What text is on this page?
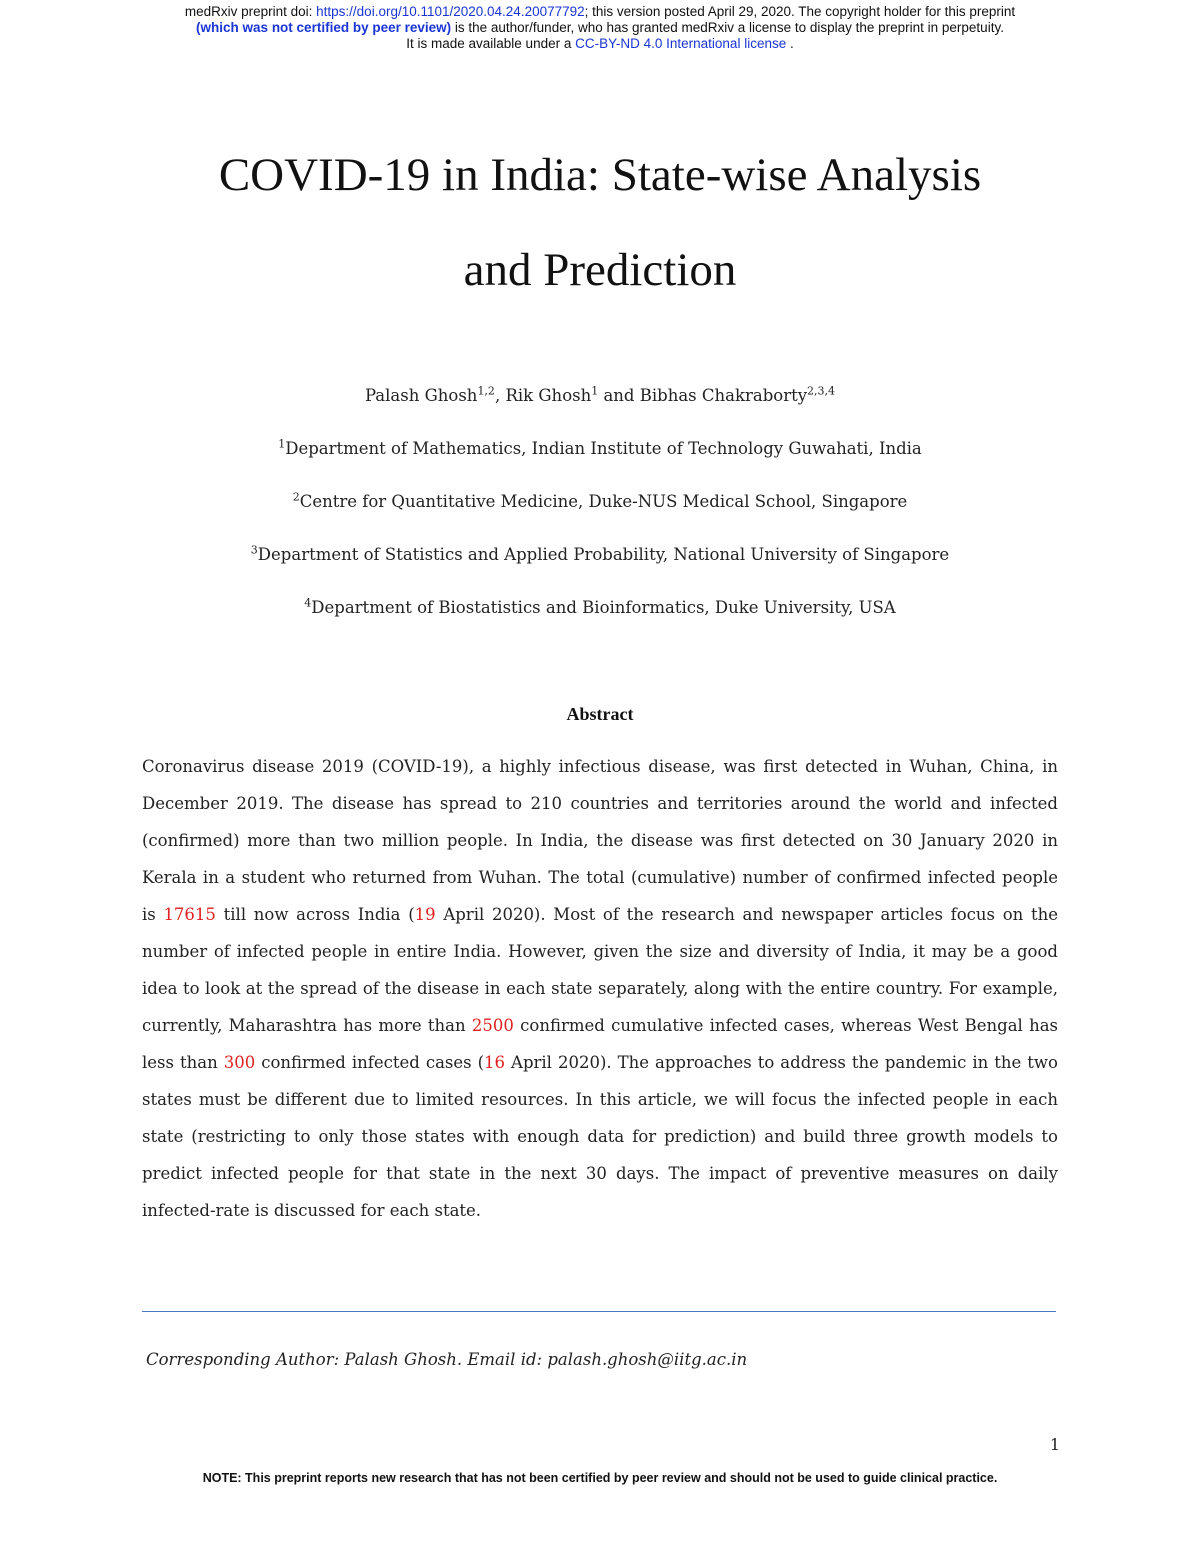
medRxiv preprint doi: https://doi.org/10.1101/2020.04.24.20077792; this version posted April 29, 2020. The copyright holder for this preprint
(which was not certified by peer review) is the author/funder, who has granted medRxiv a license to display the preprint in perpetuity.
It is made available under a CC-BY-ND 4.0 International license .
COVID-19 in India: State-wise Analysis
and Prediction
Palash Ghosh$^{1,2}$, Rik Ghosh$^1$ and Bibhas Chakraborty$^{2,3,4}$
$^1$Department of Mathematics, Indian Institute of Technology Guwahati, India
$^2$Centre for Quantitative Medicine, Duke-NUS Medical School, Singapore
$^3$Department of Statistics and Applied Probability, National University of Singapore
$^4$Department of Biostatistics and Bioinformatics, Duke University, USA
Abstract
Coronavirus disease 2019 (COVID-19), a highly infectious disease, was first detected in Wuhan, China, in
December 2019. The disease has spread to 210 countries and territories around the world and infected
(confirmed) more than two million people. In India, the disease was first detected on 30 January 2020 in
Kerala in a student who returned from Wuhan. The total (cumulative) number of confirmed infected people
is 17615 till now across India (19 April 2020). Most of the research and newspaper articles focus on the
number of infected people in entire India. However, given the size and diversity of India, it may be a good
idea to look at the spread of the disease in each state separately, along with the entire country. For example,
currently, Maharashtra has more than 2500 confirmed cumulative infected cases, whereas West Bengal has
less than 300 confirmed infected cases (16 April 2020). The approaches to address the pandemic in the two
states must be different due to limited resources. In this article, we will focus the infected people in each
state (restricting to only those states with enough data for prediction) and build three growth models to
predict infected people for that state in the next 30 days. The impact of preventive measures on daily
infected-rate is discussed for each state.
Corresponding Author: Palash Ghosh. Email id: palash.ghosh@iitg.ac.in
1
NOTE: This preprint reports new research that has not been certified by peer review and should not be used to guide clinical practice.
